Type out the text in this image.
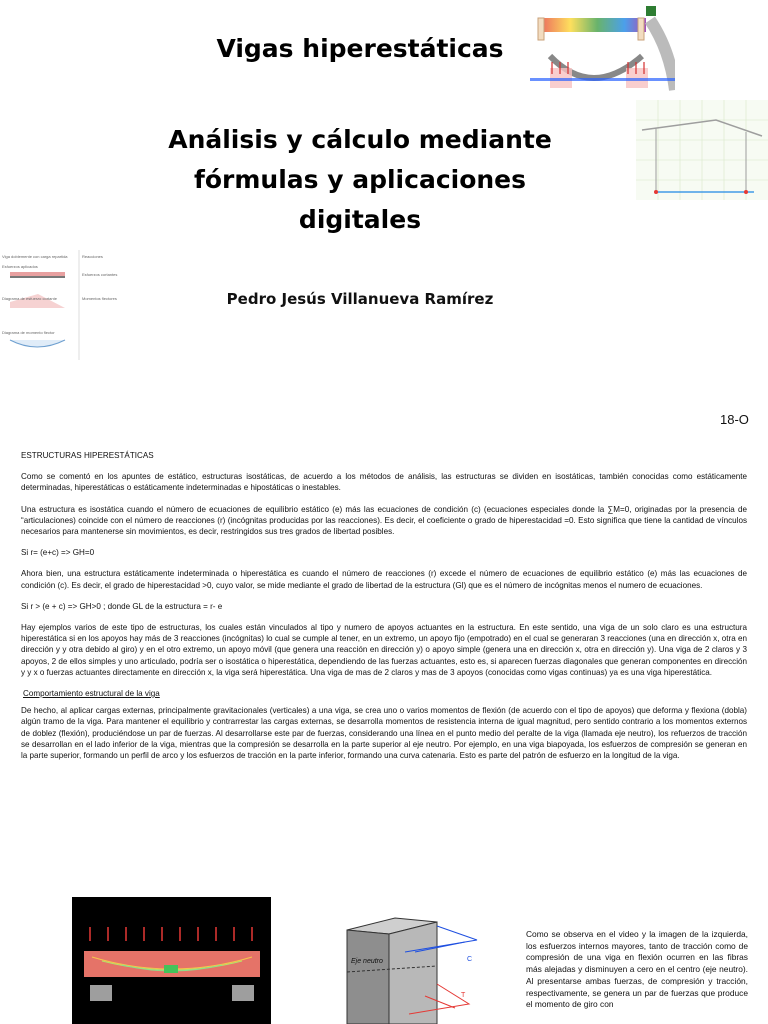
Vigas hiperestáticas
Análisis y cálculo mediante
fórmulas y aplicaciones
digitales
Pedro Jesús Villanueva Ramírez
Viga doblemente con carga repartida
Esfuerzos aplicados
Diagrama de esfuerzo cortante
Diagrama de momento flector
Reacciones
Esfuerzos cortantes
Momentos flectores
18-O

ESTRUCTURAS HIPERESTÁTICAS

Como se comentó en los apuntes de estático, estructuras isostáticas, de acuerdo a los métodos de análisis, las estructuras se dividen en isostáticas, también conocidas como estáticamente determinadas, hiperestáticas o estáticamente indeterminadas e hipostáticas o inestables.

Una estructura es isostática cuando el número de ecuaciones de equilibrio estático (e) más las ecuaciones de condición (c) (ecuaciones especiales donde la ∑M=0, originadas por la presencia de “articulaciones) coincide con el número de reacciones (r) (incógnitas producidas por las reacciones). Es decir, el coeficiente o grado de hiperestacidad =0. Esto significa que tiene la cantidad de vínculos necesarios para mantenerse sin movimientos, es decir, restringidos sus tres grados de libertad posibles.

Si r= (e+c) => GH=0

Ahora bien, una estructura estáticamente indeterminada o hiperestática es cuando el número de reacciones (r) excede el número de ecuaciones de equilibrio estático (e) más las ecuaciones de condición (c). Es decir, el grado de hiperestacidad >0, cuyo valor, se mide mediante el grado de libertad de la estructura (Gl) que es el número de incógnitas menos el numero de ecuaciones.

Si r > (e + c) => GH>0 ; donde GL de la estructura = r- e

Hay ejemplos varios de este tipo de estructuras, los cuales están vinculados al tipo y numero de apoyos actuantes en la estructura. En este sentido, una viga de un solo claro es una estructura hiperestática si en los apoyos hay más de 3 reacciones (incógnitas) lo cual se cumple al tener, en un extremo, un apoyo fijo (empotrado) en el cual se generaran 3 reacciones (una en dirección x, otra en dirección y y otra debido al giro) y en el otro extremo, un apoyo móvil (que genera una reacción en dirección y) o apoyo simple (genera una en dirección x, otra en dirección y). Una viga de 2 claros y 3 apoyos, 2 de ellos simples y uno articulado, podría ser o isostática o hiperestática, dependiendo de las fuerzas actuantes, esto es, si aparecen fuerzas diagonales que generan componentes en dirección y y x o fuerzas actuantes directamente en dirección x, la viga será hiperestática. Una viga de mas de 2 claros y mas de 3 apoyos (conocidas como vigas continuas) ya es una viga hiperestática.

Comportamiento estructural de la viga

De hecho, al aplicar cargas externas, principalmente gravitacionales (verticales) a una viga, se crea uno o varios momentos de flexión (de acuerdo con el tipo de apoyos) que deforma y flexiona (dobla) algún tramo de la viga. Para mantener el equilibrio y contrarrestar las cargas externas, se desarrolla momentos de resistencia interna de igual magnitud, pero sentido contrario a los momentos externos de doblez (flexión), produciéndose un par de fuerzas. Al desarrollarse este par de fuerzas, considerando una línea en el punto medio del peralte de la viga (llamada eje neutro), los refuerzos de tracción se desarrollan en el lado inferior de la viga, mientras que la compresión se desarrolla en la parte superior al eje neutro. Por ejemplo, en una viga biapoyada, los esfuerzos de compresión se generan en la parte superior, formando un perfil de arco y los esfuerzos de tracción en la parte inferior, formando una curva catenaria. Esto es parte del patrón de esfuerzo en la longitud de la viga.

Eje neutro	C
T
Como se observa en el video y la imagen de la izquierda, los esfuerzos internos mayores, tanto de tracción como de compresión de una viga en flexión ocurren en las fibras más alejadas y disminuyen a cero en el centro (eje neutro). Al presentarse ambas fuerzas, de compresión y tracción, respectivamente, se genera un par de fuerzas que produce el momento de giro con
